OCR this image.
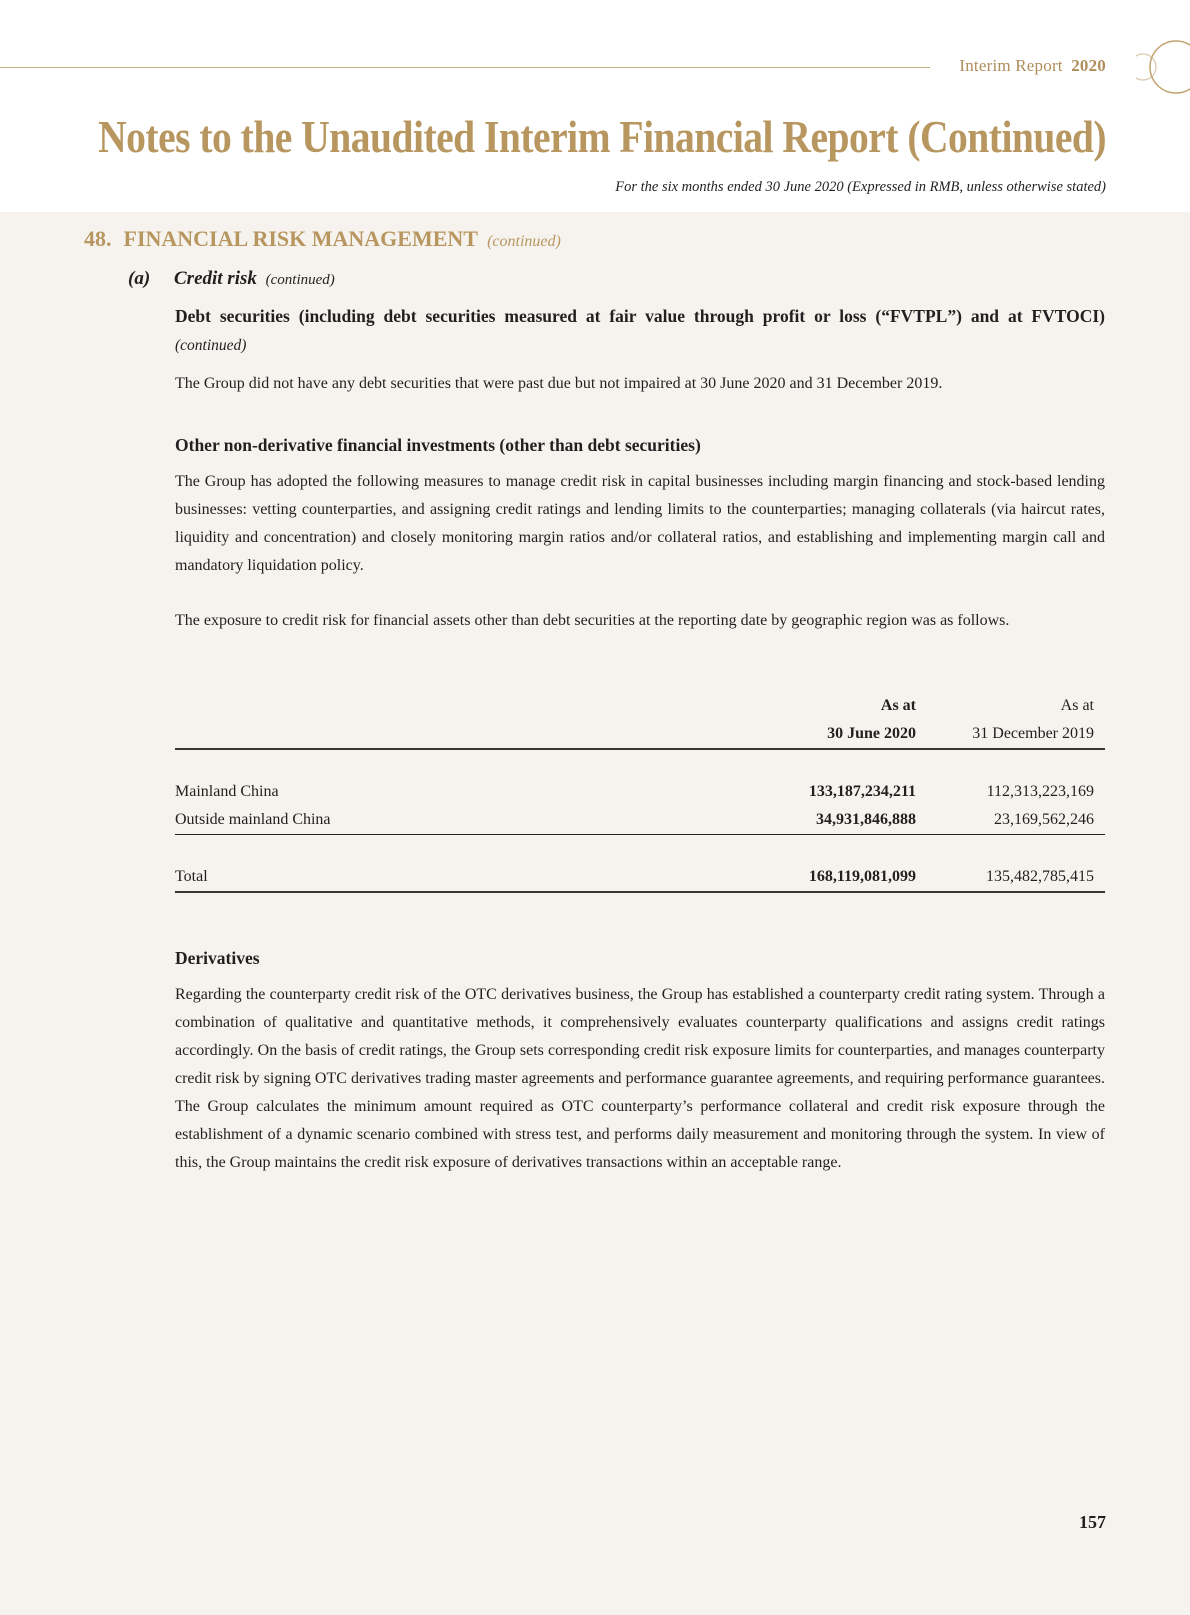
Interim Report 2020
Notes to the Unaudited Interim Financial Report (Continued)
For the six months ended 30 June 2020 (Expressed in RMB, unless otherwise stated)
48. FINANCIAL RISK MANAGEMENT (continued)
(a) Credit risk (continued)
Debt securities (including debt securities measured at fair value through profit or loss (“FVTPL”) and at FVTOCI) (continued)

The Group did not have any debt securities that were past due but not impaired at 30 June 2020 and 31 December 2019.

Other non-derivative financial investments (other than debt securities)

The Group has adopted the following measures to manage credit risk in capital businesses including margin financing and stock-based lending businesses: vetting counterparties, and assigning credit ratings and lending limits to the counterparties; managing collaterals (via haircut rates, liquidity and concentration) and closely monitoring margin ratios and/or collateral ratios, and establishing and implementing margin call and mandatory liquidation policy.

The exposure to credit risk for financial assets other than debt securities at the reporting date by geographic region was as follows.

	As at	As at
	30 June 2020	31 December 2019

Mainland China	133,187,234,211	112,313,223,169
Outside mainland China	34,931,846,888	23,169,562,246

Total	168,119,081,099	135,482,785,415
Derivatives

Regarding the counterparty credit risk of the OTC derivatives business, the Group has established a counterparty credit rating system. Through a combination of qualitative and quantitative methods, it comprehensively evaluates counterparty qualifications and assigns credit ratings accordingly. On the basis of credit ratings, the Group sets corresponding credit risk exposure limits for counterparties, and manages counterparty credit risk by signing OTC derivatives trading master agreements and performance guarantee agreements, and requiring performance guarantees. The Group calculates the minimum amount required as OTC counterparty’s performance collateral and credit risk exposure through the establishment of a dynamic scenario combined with stress test, and performs daily measurement and monitoring through the system. In view of this, the Group maintains the credit risk exposure of derivatives transactions within an acceptable range.

157
